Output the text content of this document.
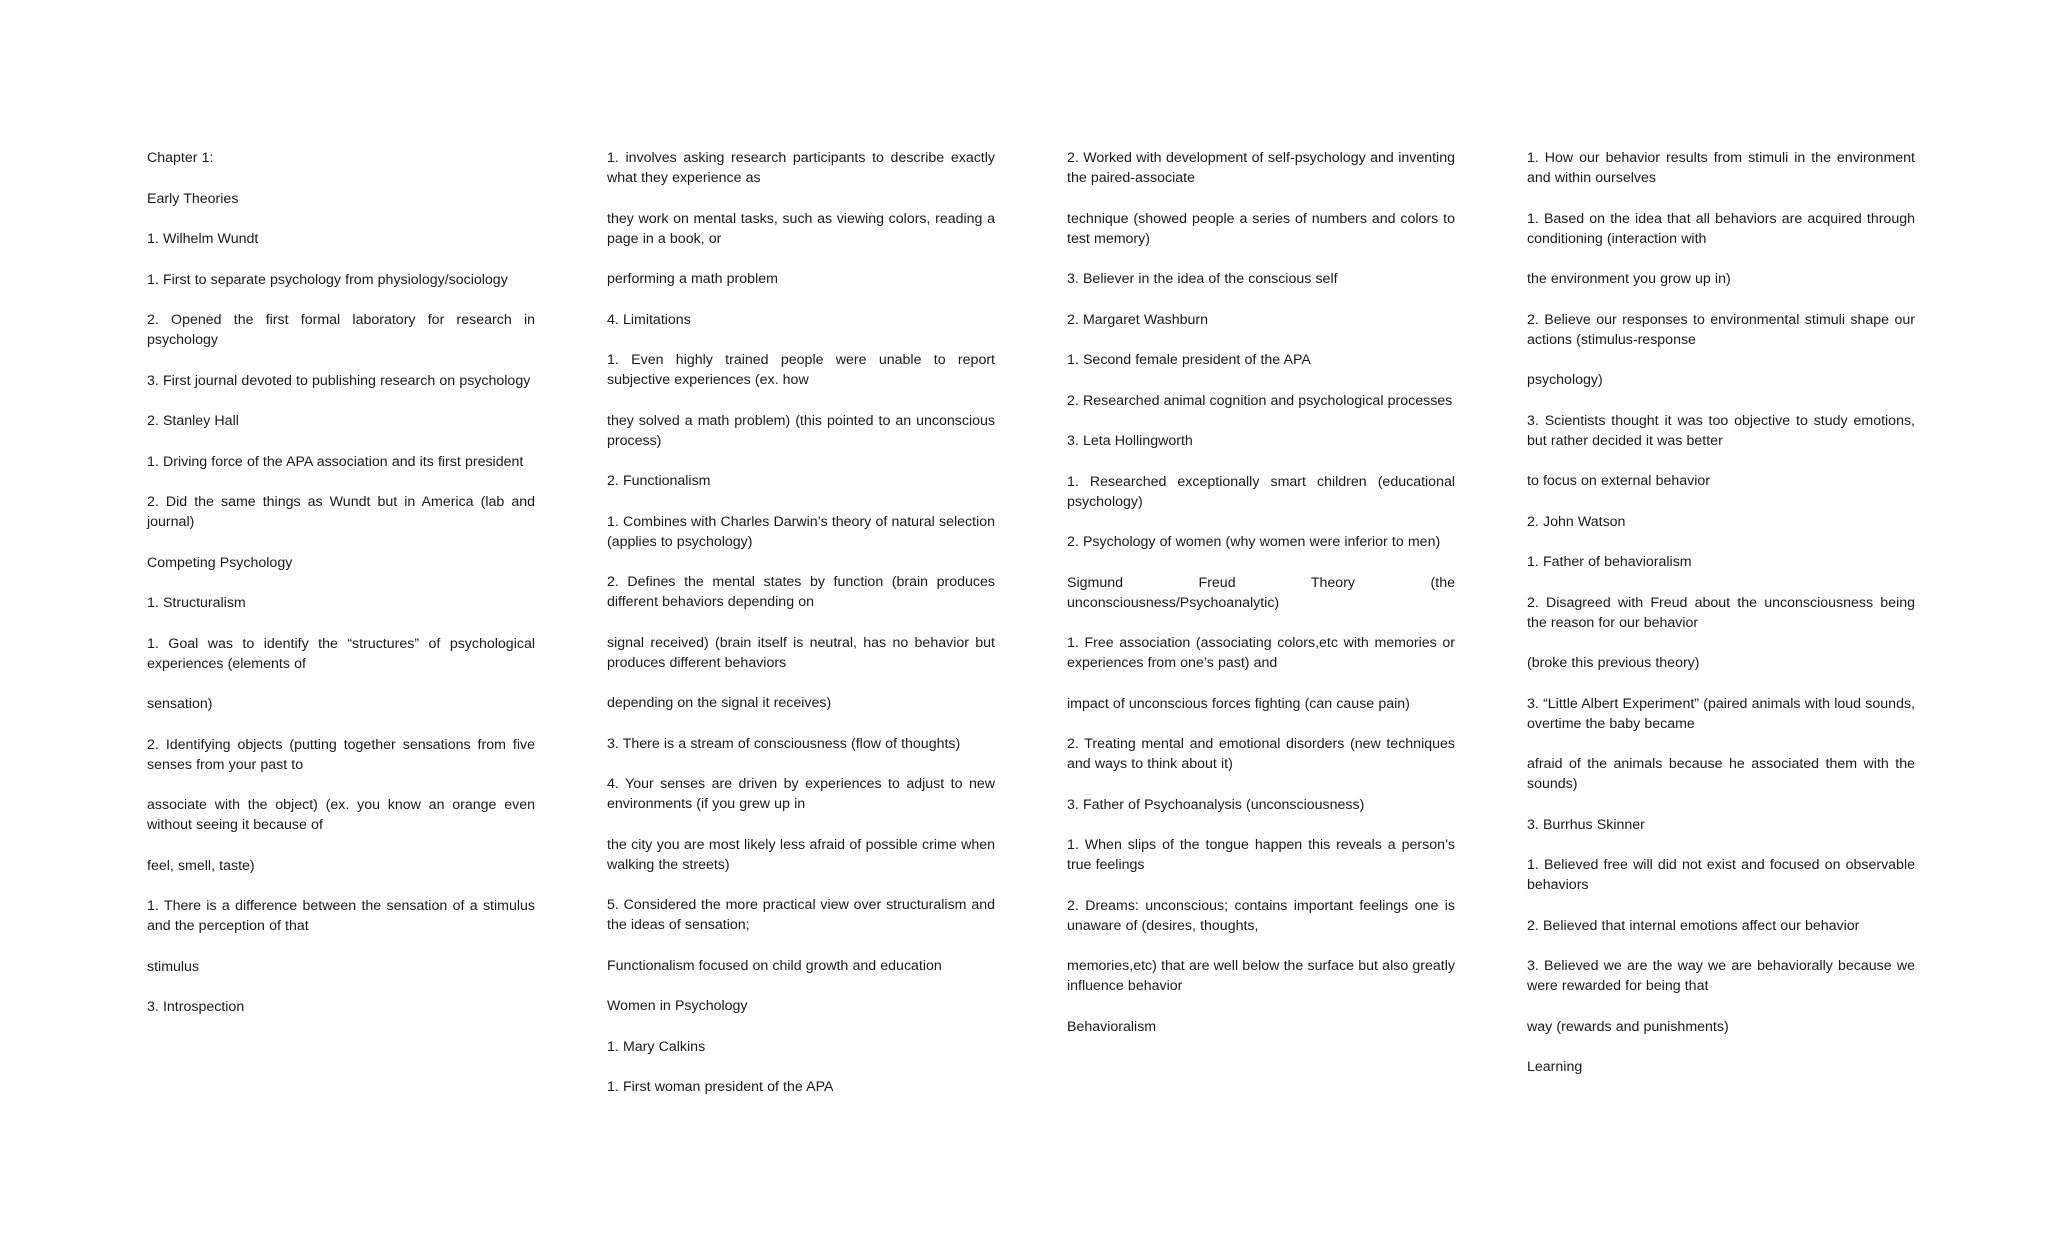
Chapter 1:

Early Theories

1. Wilhelm Wundt

1. First to separate psychology from physiology/sociology

2. Opened the first formal laboratory for research in psychology

3. First journal devoted to publishing research on psychology

2. Stanley Hall

1. Driving force of the APA association and its first president

2. Did the same things as Wundt but in America (lab and journal)

Competing Psychology

1. Structuralism

1. Goal was to identify the “structures” of psychological experiences (elements of

sensation)

2. Identifying objects (putting together sensations from five senses from your past to

associate with the object) (ex. you know an orange even without seeing it because of

feel, smell, taste)

1. There is a difference between the sensation of a stimulus and the perception of that

stimulus

3. Introspection

1. involves asking research participants to describe exactly what they experience as

they work on mental tasks, such as viewing colors, reading a page in a book, or

performing a math problem

4. Limitations

1. Even highly trained people were unable to report subjective experiences (ex. how

they solved a math problem) (this pointed to an unconscious process)

2. Functionalism

1. Combines with Charles Darwin’s theory of natural selection (applies to psychology)

2. Defines the mental states by function (brain produces different behaviors depending on

signal received) (brain itself is neutral, has no behavior but produces different behaviors

depending on the signal it receives)

3. There is a stream of consciousness (flow of thoughts)

4. Your senses are driven by experiences to adjust to new environments (if you grew up in

the city you are most likely less afraid of possible crime when walking the streets)

5. Considered the more practical view over structuralism and the ideas of sensation;

Functionalism focused on child growth and education

Women in Psychology

1. Mary Calkins

1. First woman president of the APA

2. Worked with development of self-psychology and inventing the paired-associate

technique (showed people a series of numbers and colors to test memory)

3. Believer in the idea of the conscious self

2. Margaret Washburn

1. Second female president of the APA

2. Researched animal cognition and psychological processes

3. Leta Hollingworth

1. Researched exceptionally smart children (educational psychology)

2. Psychology of women (why women were inferior to men)

Sigmund Freud Theory (the unconsciousness/Psychoanalytic)

1. Free association (associating colors,etc with memories or experiences from one’s past) and

impact of unconscious forces fighting (can cause pain)

2. Treating mental and emotional disorders (new techniques and ways to think about it)

3. Father of Psychoanalysis (unconsciousness)

1. When slips of the tongue happen this reveals a person’s true feelings

2. Dreams: unconscious; contains important feelings one is unaware of (desires, thoughts,

memories,etc) that are well below the surface but also greatly influence behavior

Behavioralism

1. How our behavior results from stimuli in the environment and within ourselves

1. Based on the idea that all behaviors are acquired through conditioning (interaction with

the environment you grow up in)

2. Believe our responses to environmental stimuli shape our actions (stimulus-response

psychology)

3. Scientists thought it was too objective to study emotions, but rather decided it was better

to focus on external behavior

2. John Watson

1. Father of behavioralism

2. Disagreed with Freud about the unconsciousness being the reason for our behavior

(broke this previous theory)

3. “Little Albert Experiment” (paired animals with loud sounds, overtime the baby became

afraid of the animals because he associated them with the sounds)

3. Burrhus Skinner

1. Believed free will did not exist and focused on observable behaviors

2. Believed that internal emotions affect our behavior

3. Believed we are the way we are behaviorally because we were rewarded for being that

way (rewards and punishments)

Learning
